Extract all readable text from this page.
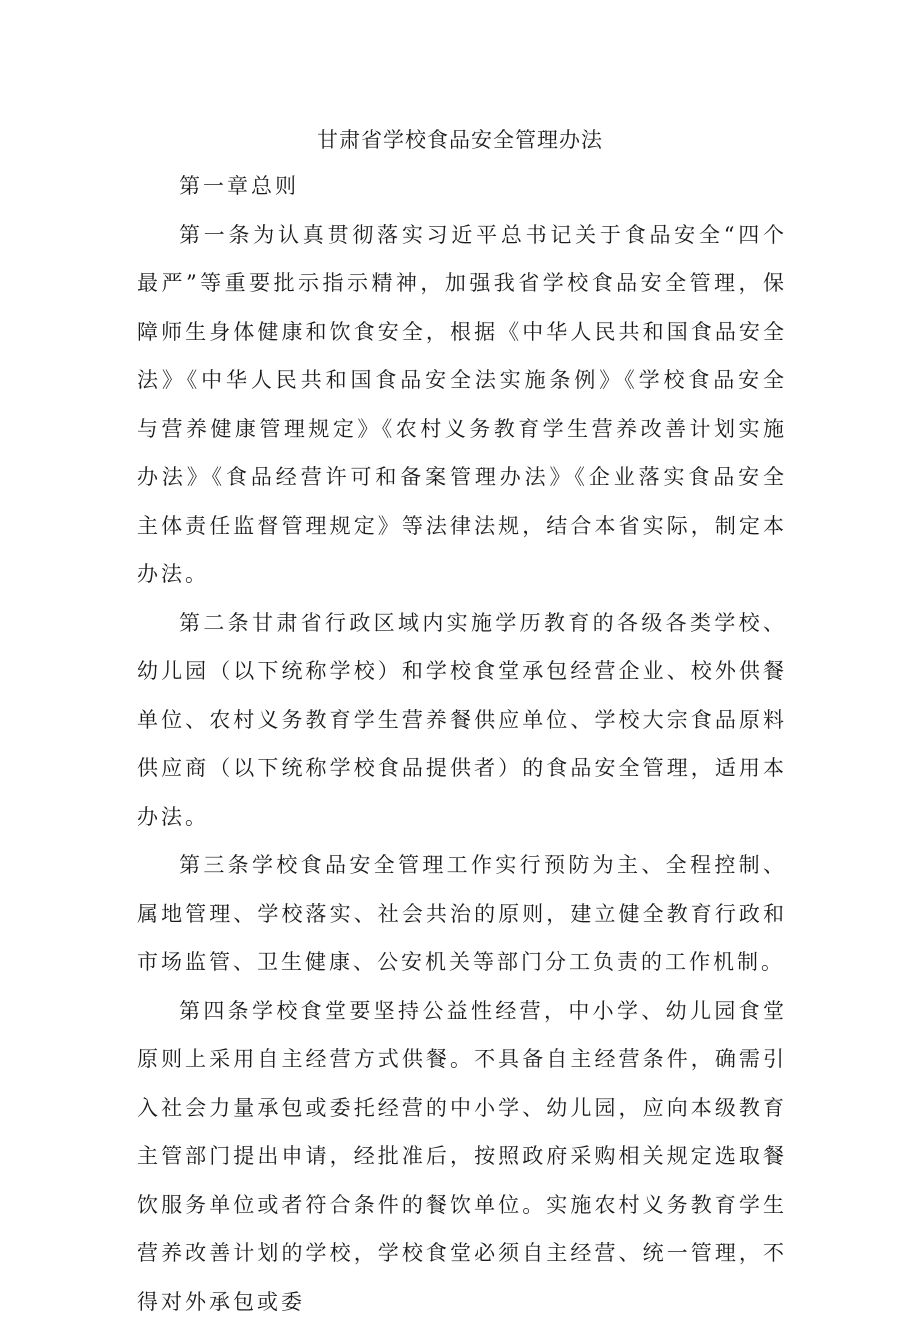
甘肃省学校食品安全管理办法

第一章总则

第一条为认真贯彻落实习近平总书记关于食品安全“四个最严”等重要批示指示精神，加强我省学校食品安全管理，保障师生身体健康和饮食安全，根据《中华人民共和国食品安全法》《中华人民共和国食品安全法实施条例》《学校食品安全与营养健康管理规定》《农村义务教育学生营养改善计划实施办法》《食品经营许可和备案管理办法》《企业落实食品安全主体责任监督管理规定》等法律法规，结合本省实际，制定本办法。

第二条甘肃省行政区域内实施学历教育的各级各类学校、幼儿园（以下统称学校）和学校食堂承包经营企业、校外供餐单位、农村义务教育学生营养餐供应单位、学校大宗食品原料供应商（以下统称学校食品提供者）的食品安全管理，适用本办法。

第三条学校食品安全管理工作实行预防为主、全程控制、属地管理、学校落实、社会共治的原则，建立健全教育行政和市场监管、卫生健康、公安机关等部门分工负责的工作机制。

第四条学校食堂要坚持公益性经营，中小学、幼儿园食堂原则上采用自主经营方式供餐。不具备自主经营条件，确需引入社会力量承包或委托经营的中小学、幼儿园，应向本级教育主管部门提出申请，经批准后，按照政府采购相关规定选取餐饮服务单位或者符合条件的餐饮单位。实施农村义务教育学生营养改善计划的学校，学校食堂必须自主经营、统一管理，不得对外承包或委
